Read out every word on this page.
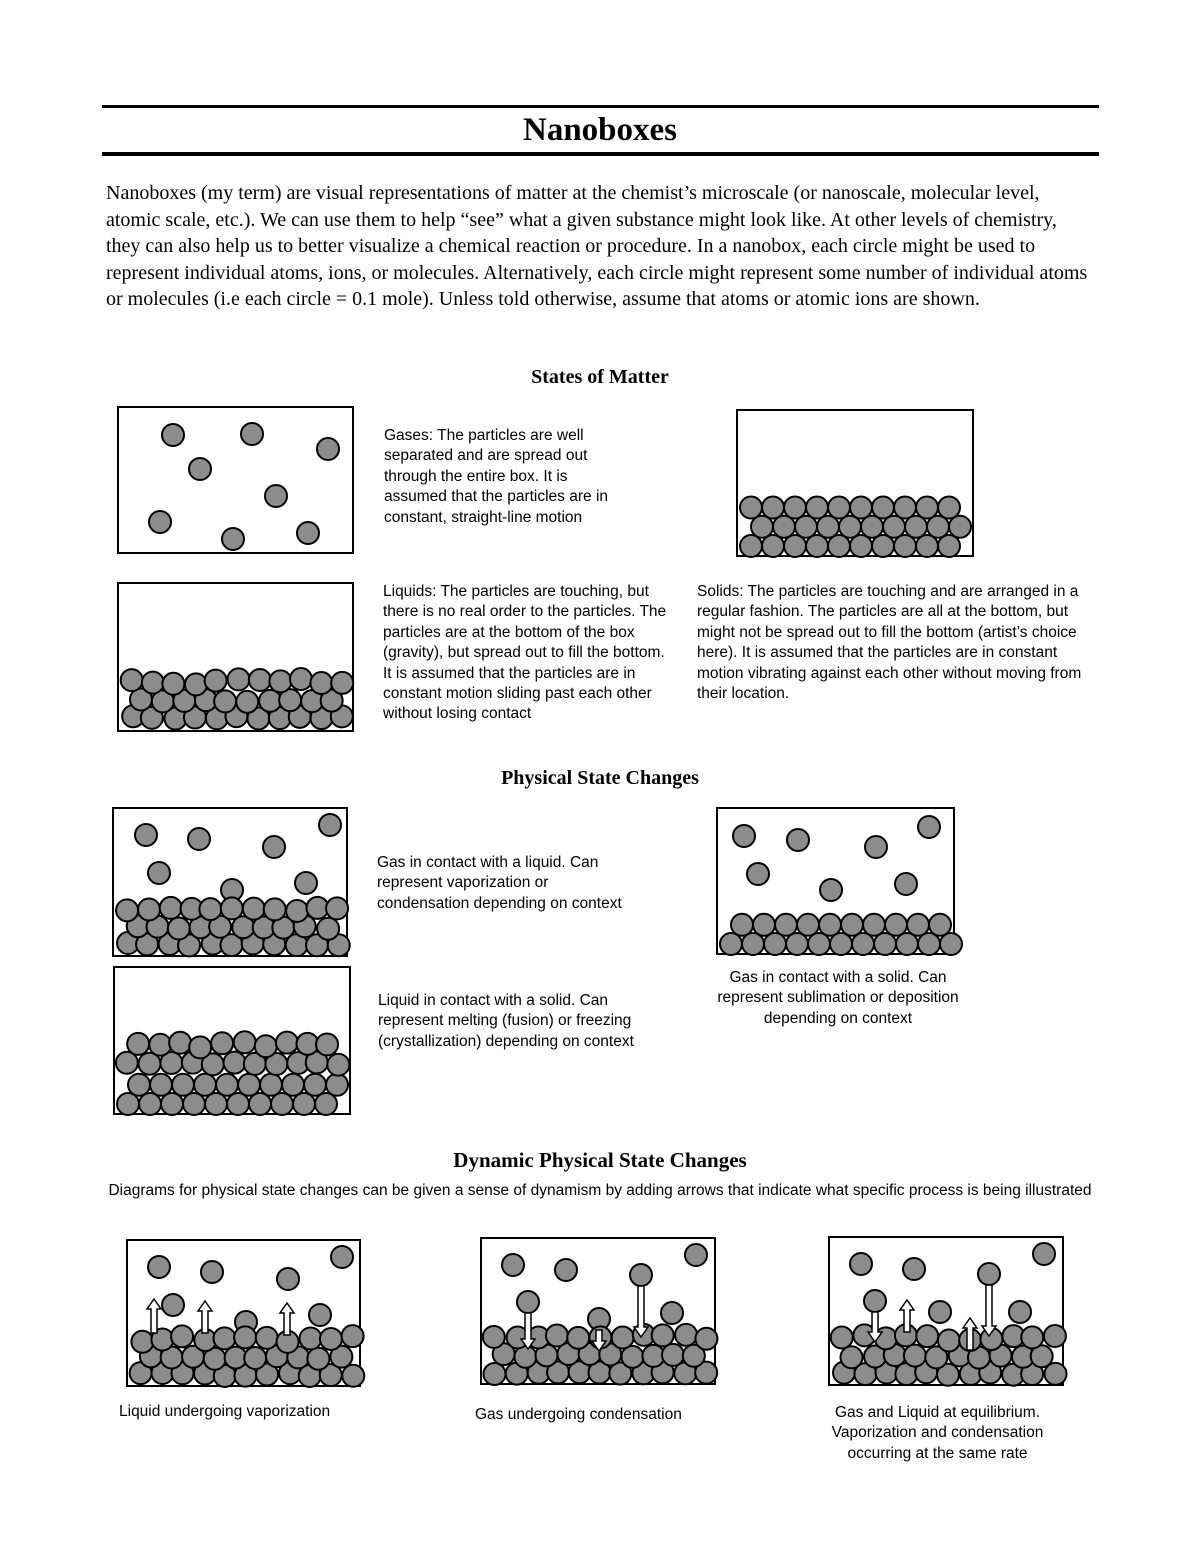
Nanoboxes

Nanoboxes (my term) are visual representations of matter at the chemist’s microscale (or nanoscale, molecular level, atomic scale, etc.). We can use them to help “see” what a given substance might look like. At other levels of chemistry, they can also help us to better visualize a chemical reaction or procedure. In a nanobox, each circle might be used to represent individual atoms, ions, or molecules. Alternatively, each circle might represent some number of individual atoms or molecules (i.e each circle = 0.1 mole). Unless told otherwise, assume that atoms or atomic ions are shown.

States of Matter

Gases: The particles are well separated and are spread out through the entire box. It is assumed that the particles are in constant, straight-line motion

Liquids: The particles are touching, but there is no real order to the particles. The particles are at the bottom of the box (gravity), but spread out to fill the bottom. It is assumed that the particles are in constant motion sliding past each other without losing contact

Solids: The particles are touching and are arranged in a regular fashion. The particles are all at the bottom, but might not be spread out to fill the bottom (artist’s choice here). It is assumed that the particles are in constant motion vibrating against each other without moving from their location.

Physical State Changes

Gas in contact with a liquid. Can represent vaporization or condensation depending on context

Gas in contact with a solid. Can represent sublimation or deposition depending on context

Liquid in contact with a solid. Can represent melting (fusion) or freezing (crystallization) depending on context

Dynamic Physical State Changes
Diagrams for physical state changes can be given a sense of dynamism by adding arrows that indicate what specific process is being illustrated

Liquid undergoing vaporization	Gas undergoing condensation	Gas and Liquid at equilibrium. Vaporization and condensation occurring at the same rate
